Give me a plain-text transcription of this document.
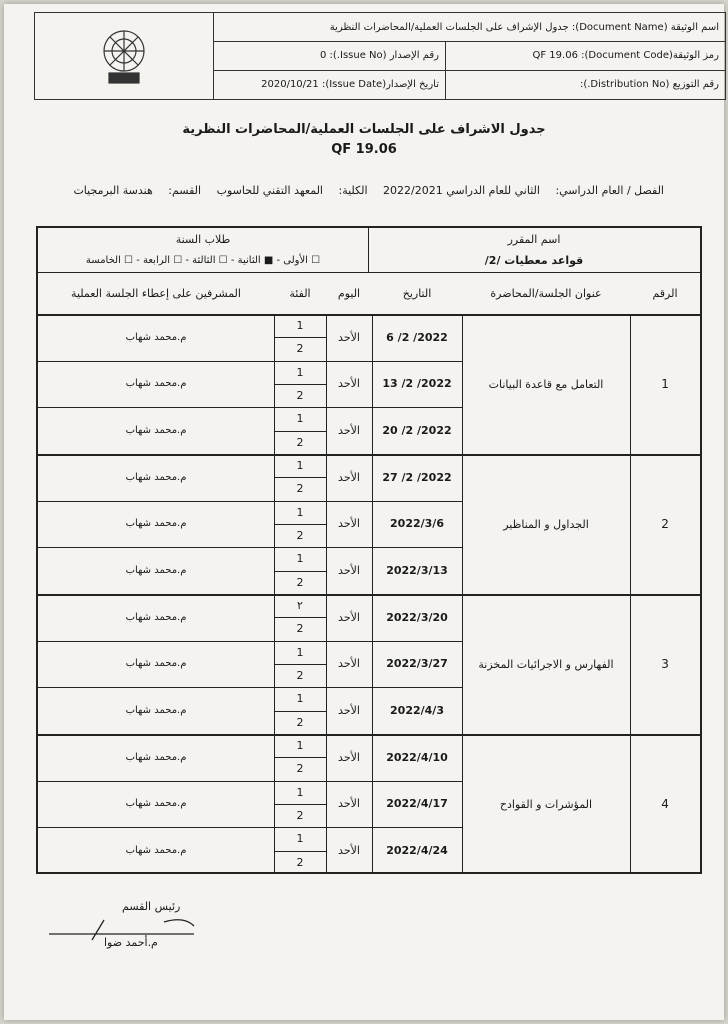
اسم الوثيقة (Document Name):

جدول الإشراف على الجلسات العملية/المحاضرات النظرية
رمز الوثيقة(Document Code):

QF 19.06
رقم الإصدار (Issue No.):

0
رقم التوزيع (Distribution No.):
تاريخ الإصدار(Issue Date):

2020/10/21
جدول الاشراف على الجلسات العملية/المحاضرات النظرية
QF 19.06
الفصل / العام الدراسي: الثاني للعام الدراسي 2022/2021 الكلية: المعهد التقني للحاسوب القسم: هندسة البرمجيات
اسم المقرر
قواعد معطيات /2/
طلاب السنة
☐ الأولى - ■ الثانية - ☐ الثالثة - ☐ الرابعة - ☐ الخامسة
الرقم
عنوان الجلسة/المحاضرة
التاريخ
اليوم
الفئة
المشرفين على إعطاء الجلسة العملية
1
التعامل مع قاعدة البيانات
2022/ 2/ 6
الأحد
1
2
م.محمد شهاب
2022/ 2/ 13
الأحد
1
2
م.محمد شهاب
2022/ 2/ 20
الأحد
1
2
م.محمد شهاب
2
الجداول و المناظير
2022/ 2/ 27
الأحد
1
2
م.محمد شهاب
2022/3/6
الأحد
1
2
م.محمد شهاب
2022/3/13
الأحد
1
2
م.محمد شهاب
3
الفهارس و الاجرائيات المخزنة
2022/3/20
الأحد
٢
2
م.محمد شهاب
2022/3/27
الأحد
1
2
م.محمد شهاب
2022/4/3
الأحد
1
2
م.محمد شهاب
4
المؤشرات و القوادح
2022/4/10
الأحد
1
2
م.محمد شهاب
2022/4/17
الأحد
1
2
م.محمد شهاب
2022/4/24
الأحد
1
2
م.محمد شهاب
رئيس القسم
م.أحمد ضوا
